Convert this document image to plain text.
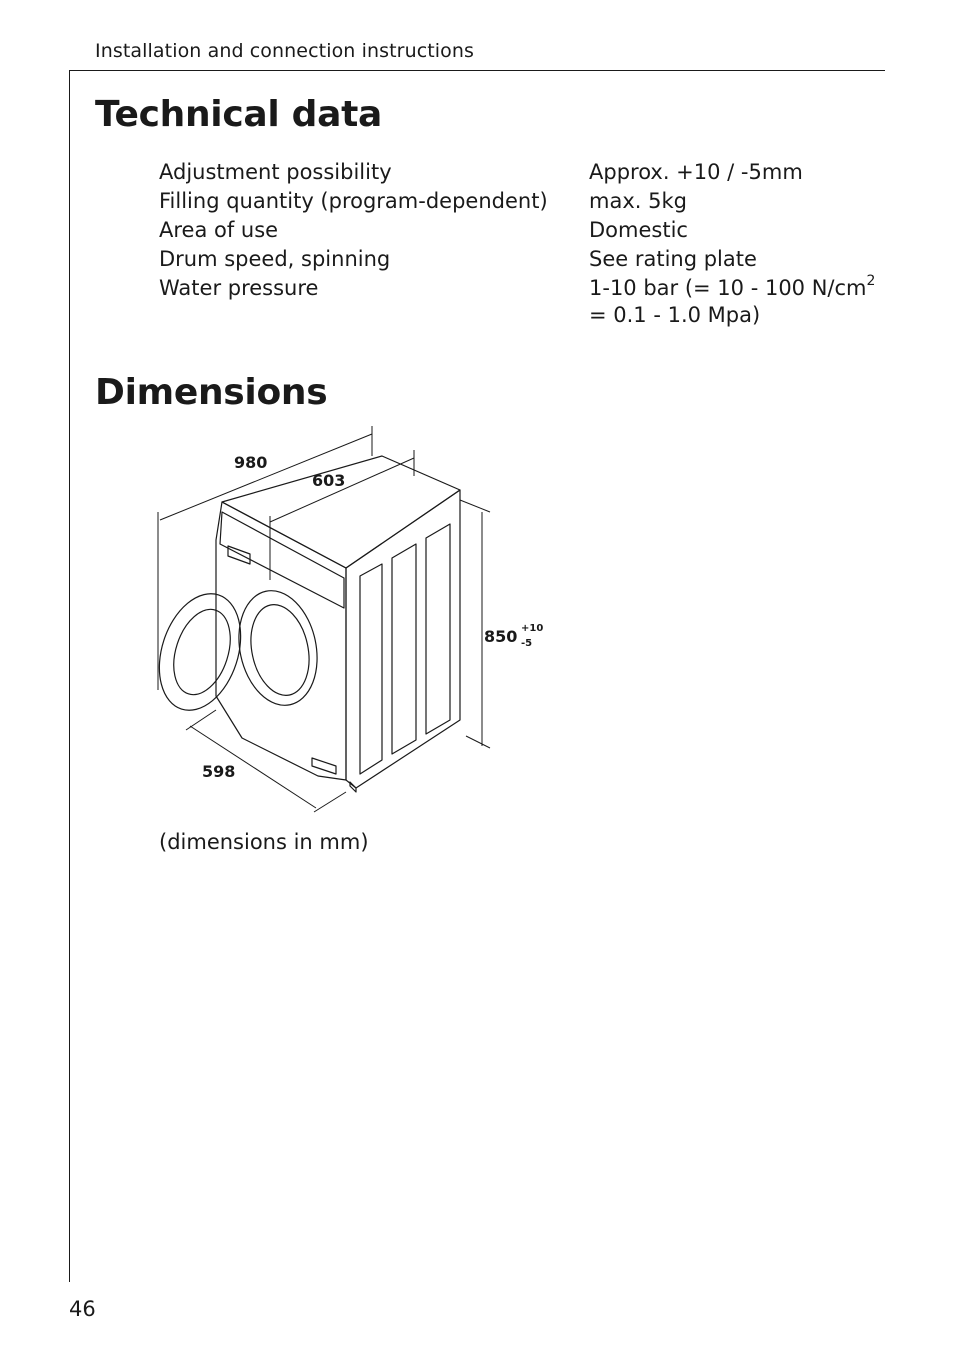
Installation and connection instructions
Technical data
Adjustment possibility	Approx. +10 / -5mm
Filling quantity (program-dependent)	max. 5kg
Area of use	Domestic
Drum speed, spinning	See rating plate
Water pressure	1-10 bar (= 10 - 100 $N/cm^2$
= 0.1 - 1.0 Mpa)
Dimensions
980
603
850 +10
-5
598
(dimensions in mm)
46
